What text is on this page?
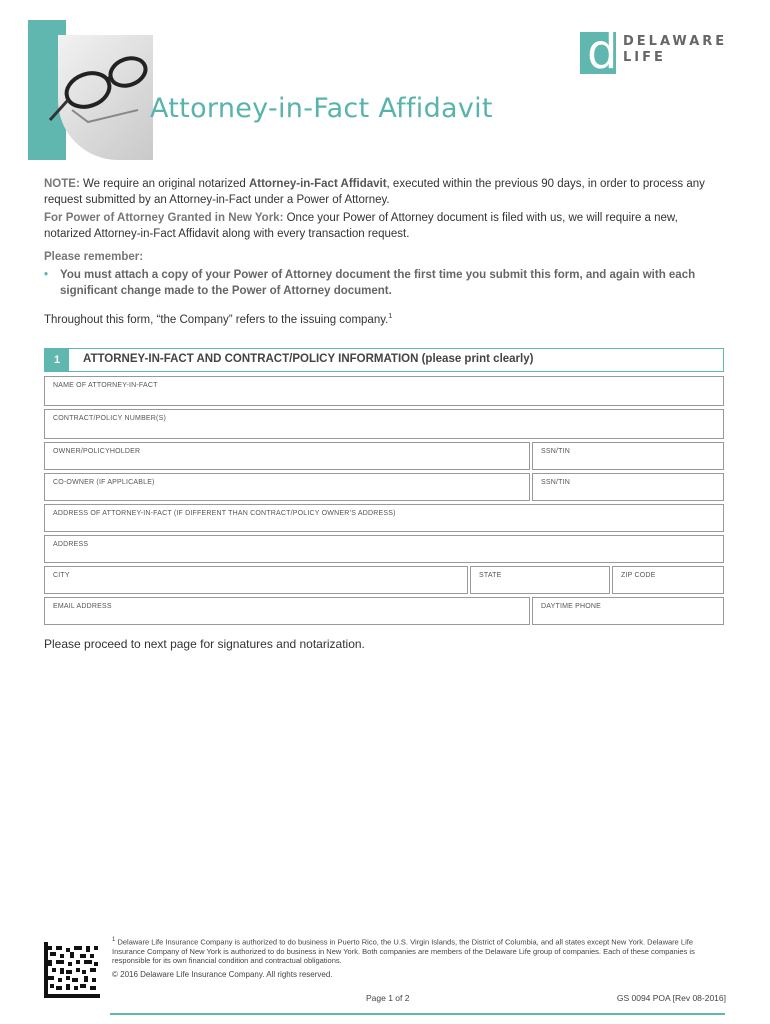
Attorney-in-Fact Affidavit
d DELAWARE
LIFE

NOTE: We require an original notarized Attorney-in-Fact Affidavit, executed within the previous 90 days, in order to process any request submitted by an Attorney-in-Fact under a Power of Attorney.

For Power of Attorney Granted in New York: Once your Power of Attorney document is filed with us, we will require a new, notarized Attorney-in-Fact Affidavit along with every transaction request.

Please remember:

• You must attach a copy of your Power of Attorney document the first time you submit this form, and again with each significant change made to the Power of Attorney document.

Throughout this form, “the Company” refers to the issuing company.$^1$

1	ATTORNEY-IN-FACT AND CONTRACT/POLICY INFORMATION (please print clearly)
NAME OF ATTORNEY-IN-FACT
CONTRACT/POLICY NUMBER(S)
OWNER/POLICYHOLDER	SSN/TIN
CO-OWNER (IF APPLICABLE)	SSN/TIN
ADDRESS OF ATTORNEY-IN-FACT (IF DIFFERENT THAN CONTRACT/POLICY OWNER’S ADDRESS)
ADDRESS
CITY	STATE	ZIP CODE
EMAIL ADDRESS	DAYTIME PHONE

Please proceed to next page for signatures and notarization.

$^1$ Delaware Life Insurance Company is authorized to do business in Puerto Rico, the U.S. Virgin Islands, the District of Columbia, and all states except New York. Delaware Life Insurance Company of New York is authorized to do business in New York. Both companies are members of the Delaware Life group of companies. Each of these companies is responsible for its own financial condition and contractual obligations.
© 2016 Delaware Life Insurance Company. All rights reserved.
Page 1 of 2	GS 0094 POA [Rev 08-2016]
